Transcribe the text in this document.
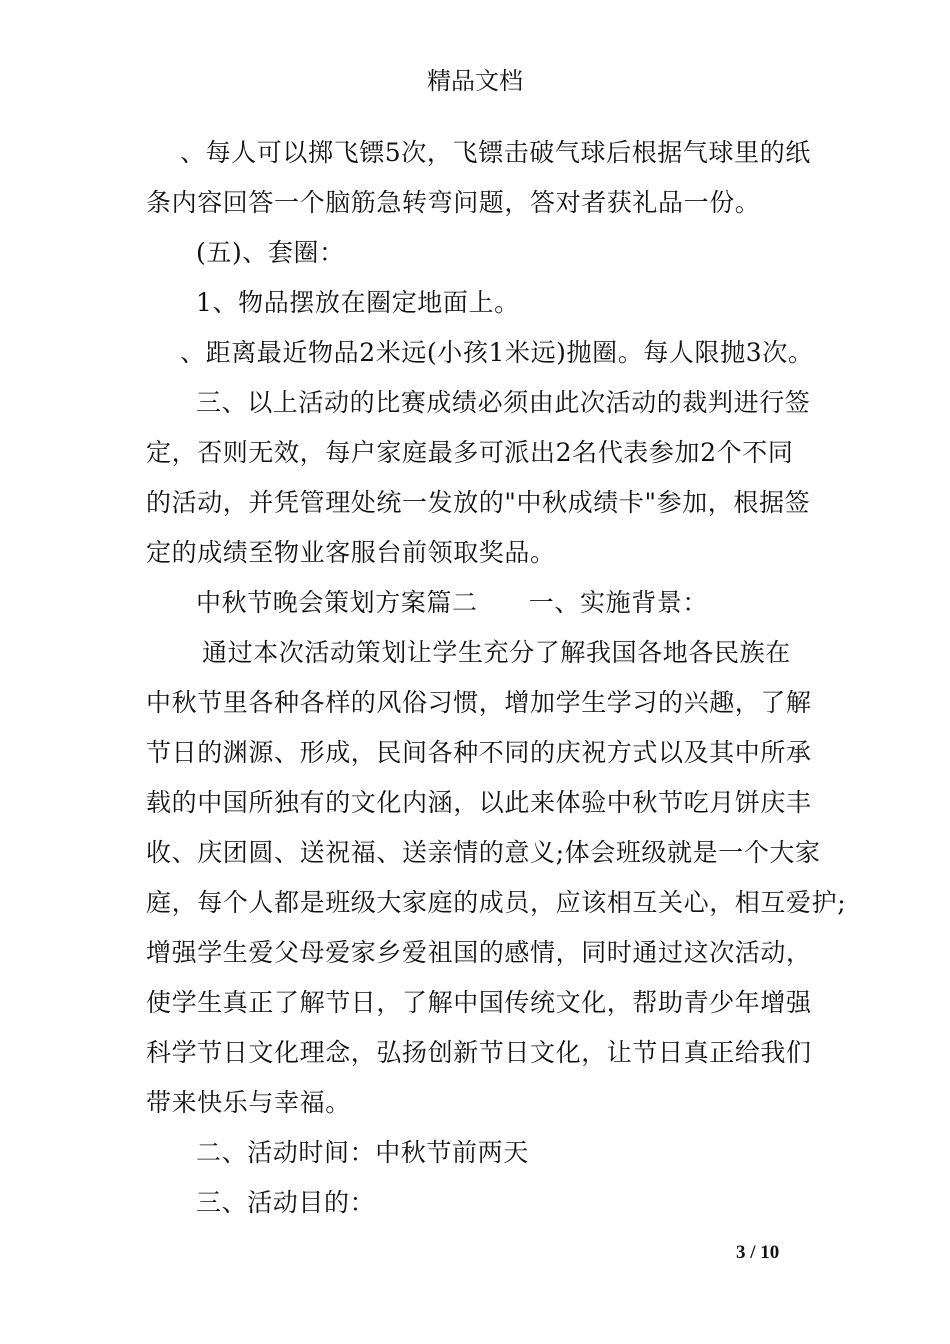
精品文档
、每人可以掷飞镖5次，飞镖击破气球后根据气球里的纸
条内容回答一个脑筋急转弯问题，答对者获礼品一份。
(五)、套圈：
1、物品摆放在圈定地面上。
、距离最近物品2米远(小孩1米远)抛圈。每人限抛3次。
三、以上活动的比赛成绩必须由此次活动的裁判进行签
定，否则无效，每户家庭最多可派出2名代表参加2个不同
的活动，并凭管理处统一发放的"中秋成绩卡"参加，根据签
定的成绩至物业客服台前领取奖品。
中秋节晚会策划方案篇二　　一、实施背景：
通过本次活动策划让学生充分了解我国各地各民族在
中秋节里各种各样的风俗习惯，增加学生学习的兴趣，了解
节日的渊源、形成，民间各种不同的庆祝方式以及其中所承
载的中国所独有的文化内涵，以此来体验中秋节吃月饼庆丰
收、庆团圆、送祝福、送亲情的意义;体会班级就是一个大家
庭，每个人都是班级大家庭的成员，应该相互关心，相互爱护;
增强学生爱父母爱家乡爱祖国的感情，同时通过这次活动，
使学生真正了解节日，了解中国传统文化，帮助青少年增强
科学节日文化理念，弘扬创新节日文化，让节日真正给我们
带来快乐与幸福。
二、活动时间：中秋节前两天
三、活动目的：
3 / 10
